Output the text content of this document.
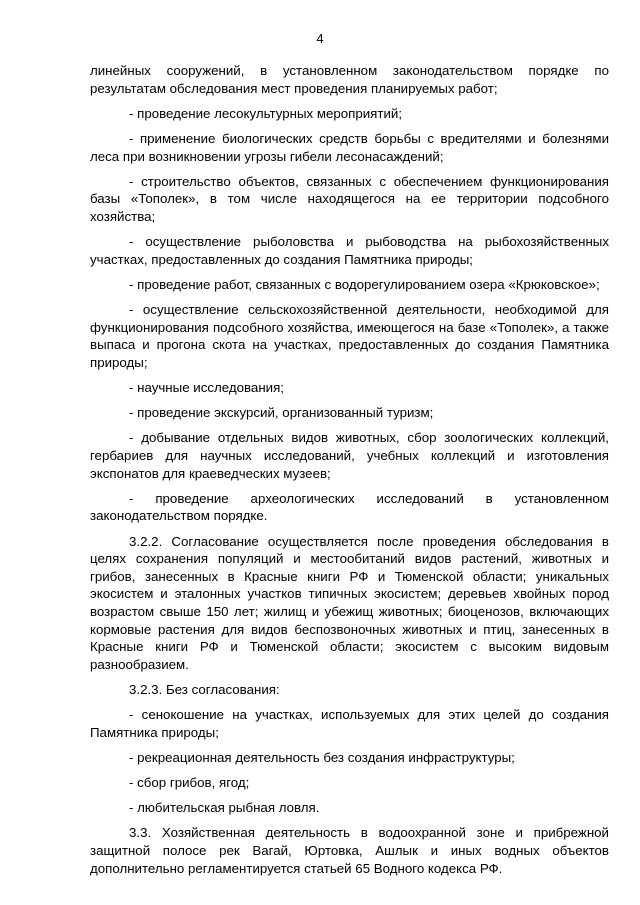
4

линейных сооружений, в установленном законодательством порядке по результатам обследования мест проведения планируемых работ;

- проведение лесокультурных мероприятий;

- применение биологических средств борьбы с вредителями и болезнями леса при возникновении угрозы гибели лесонасаждений;

- строительство объектов, связанных с обеспечением функционирования базы «Тополек», в том числе находящегося на ее территории подсобного хозяйства;

- осуществление рыболовства и рыбоводства на рыбохозяйственных участках, предоставленных до создания Памятника природы;

- проведение работ, связанных с водорегулированием озера «Крюковское»;

- осуществление сельскохозяйственной деятельности, необходимой для функционирования подсобного хозяйства, имеющегося на базе «Тополек», а также выпаса и прогона скота на участках, предоставленных до создания Памятника природы;

- научные исследования;

- проведение экскурсий, организованный туризм;

- добывание отдельных видов животных, сбор зоологических коллекций, гербариев для научных исследований, учебных коллекций и изготовления экспонатов для краеведческих музеев;

- проведение археологических исследований в установленном законодательством порядке.

3.2.2. Согласование осуществляется после проведения обследования в целях сохранения популяций и местообитаний видов растений, животных и грибов, занесенных в Красные книги РФ и Тюменской области; уникальных экосистем и эталонных участков типичных экосистем; деревьев хвойных пород возрастом свыше 150 лет; жилищ и убежищ животных; биоценозов, включающих кормовые растения для видов беспозвоночных животных и птиц, занесенных в Красные книги РФ и Тюменской области; экосистем с высоким видовым разнообразием.

3.2.3. Без согласования:

- сенокошение на участках, используемых для этих целей до создания Памятника природы;

- рекреационная деятельность без создания инфраструктуры;

- сбор грибов, ягод;

- любительская рыбная ловля.

3.3. Хозяйственная деятельность в водоохранной зоне и прибрежной защитной полосе рек Вагай, Юртовка, Ашлык и иных водных объектов дополнительно регламентируется статьей 65 Водного кодекса РФ.
